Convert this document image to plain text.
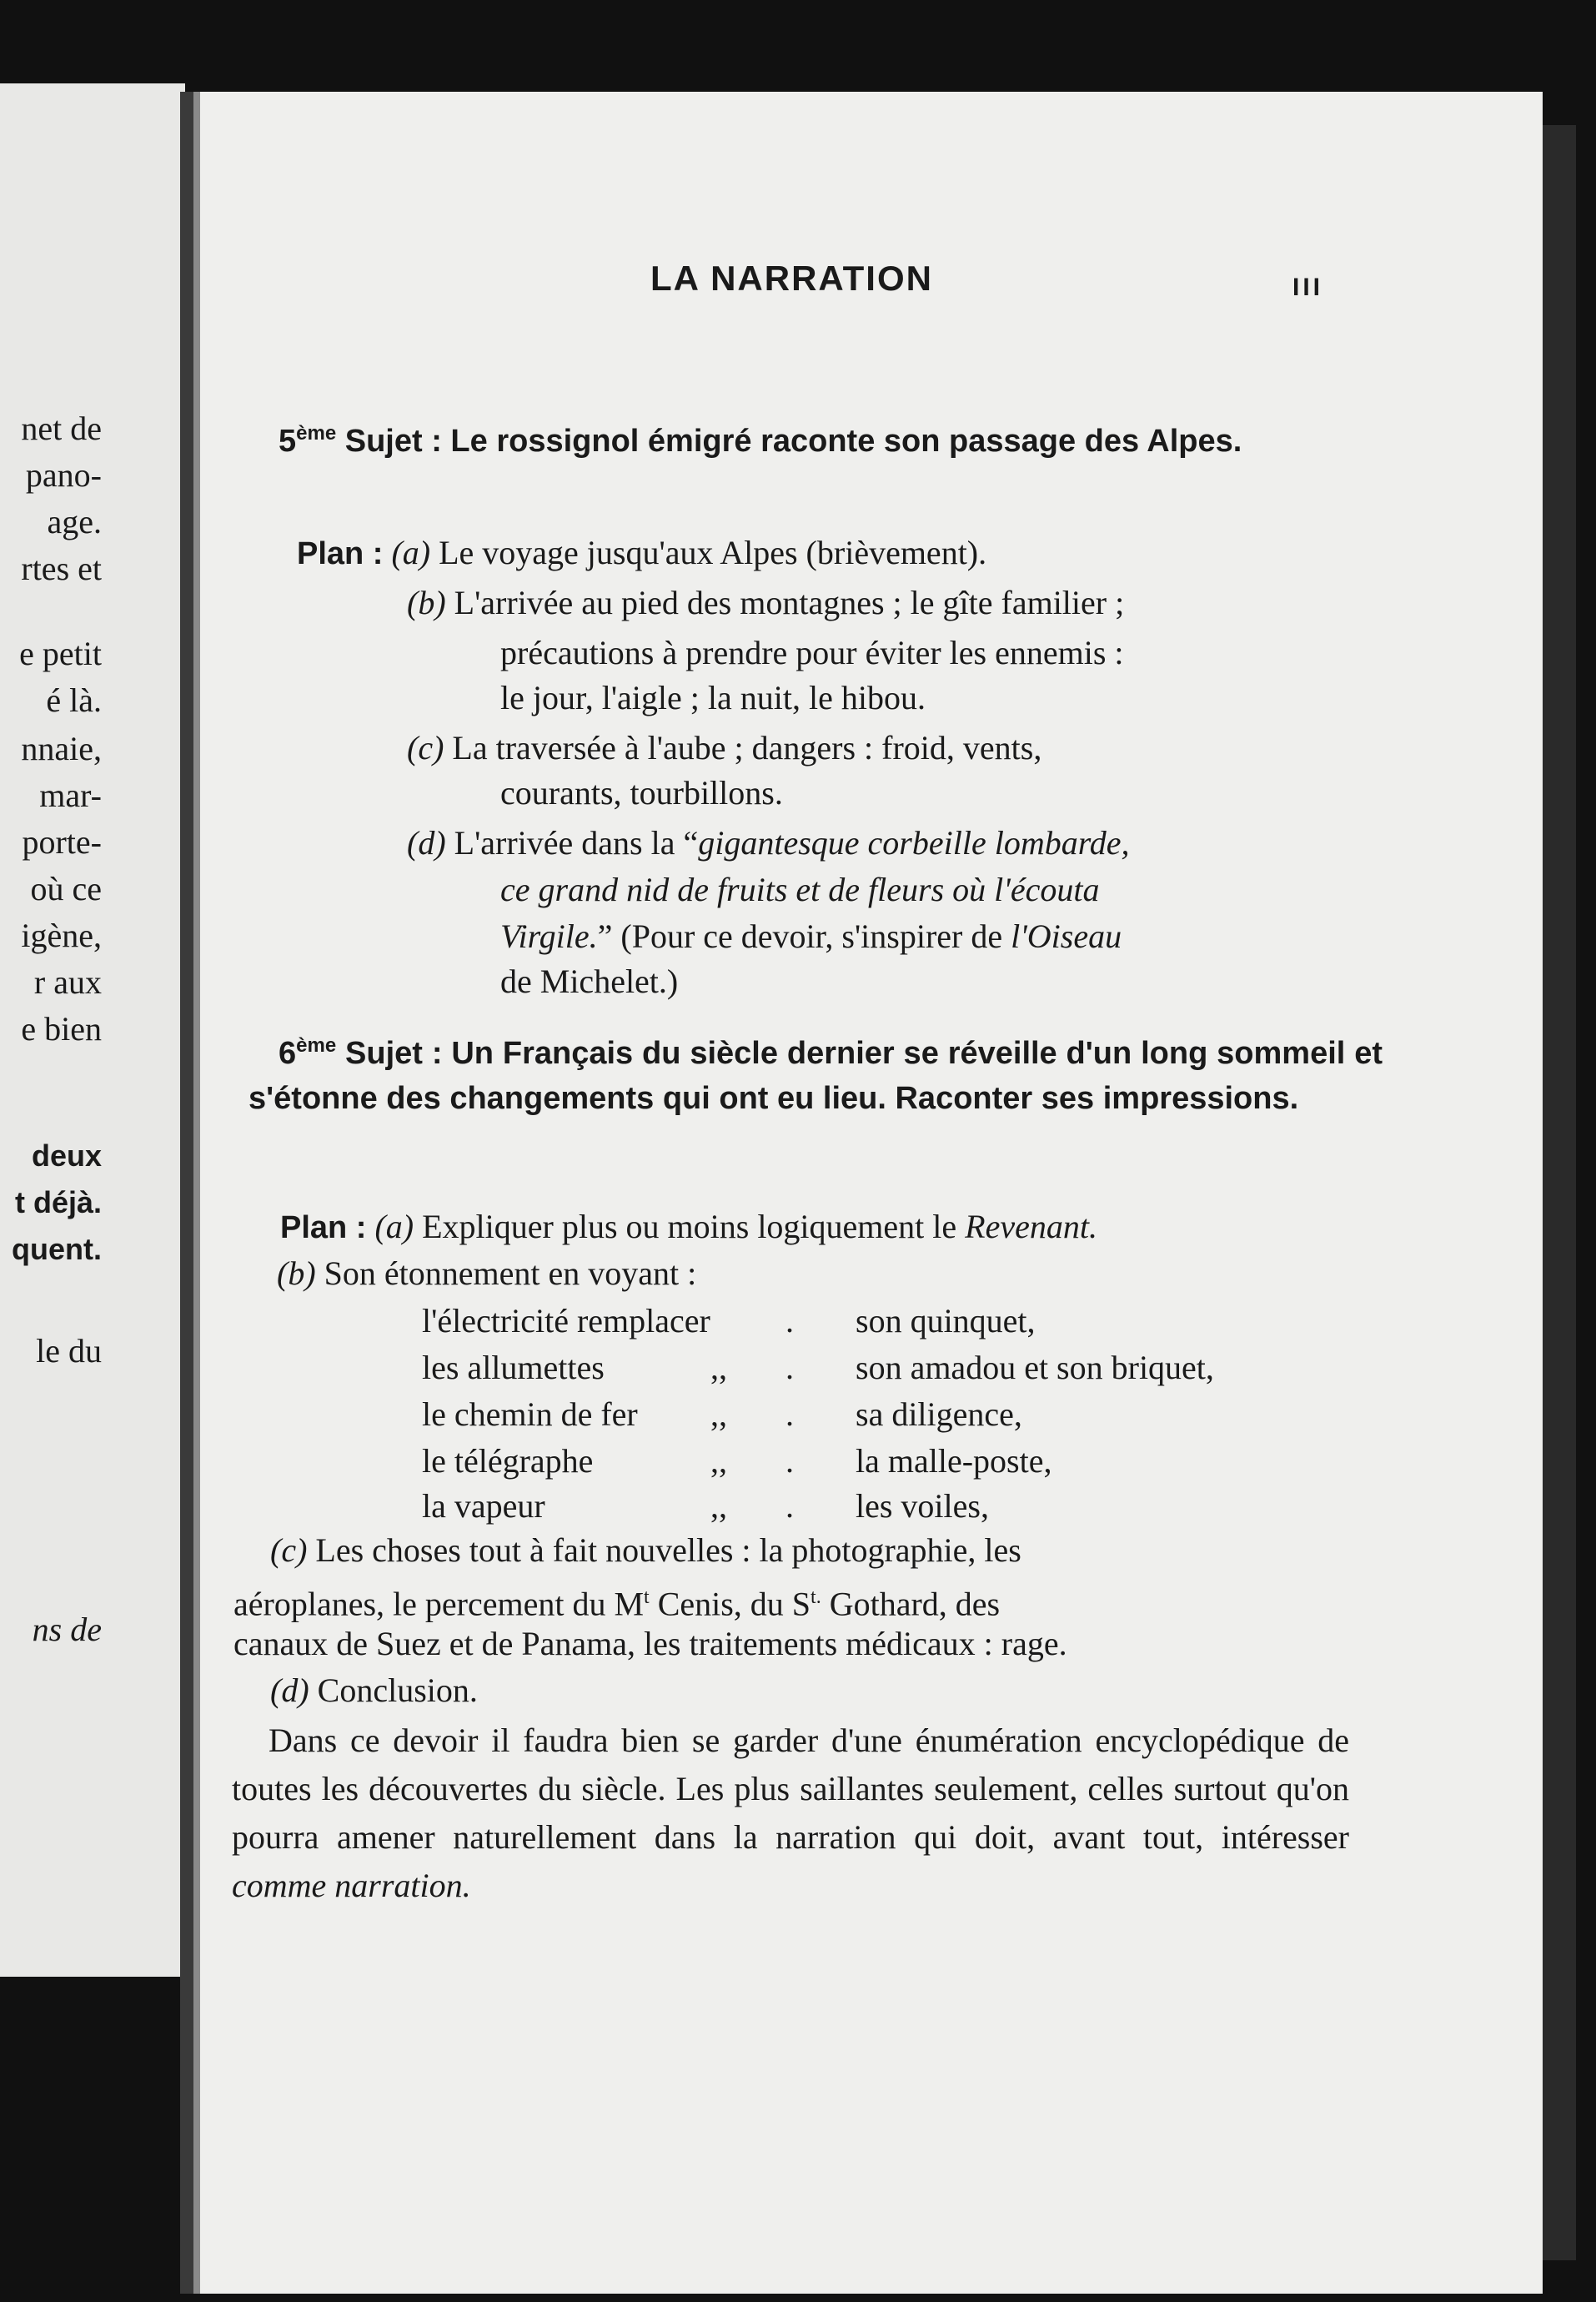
net de
pano-
age.
rtes et
e petit
é là.
nnaie,
mar-
porte-
où ce
igène,
r aux
e bien
deux
t déjà.
quent.
le du
ns de
LA NARRATION	III
5ème Sujet : Le rossignol émigré raconte son passage des Alpes.
Plan : (a) Le voyage jusqu'aux Alpes (brièvement).
(b) L'arrivée au pied des montagnes ; le gîte familier ;
précautions à prendre pour éviter les ennemis :
le jour, l'aigle ; la nuit, le hibou.
(c) La traversée à l'aube ; dangers : froid, vents,
courants, tourbillons.
(d) L'arrivée dans la “gigantesque corbeille lombarde,
ce grand nid de fruits et de fleurs où l'écouta
Virgile.” (Pour ce devoir, s'inspirer de l'Oiseau
de Michelet.)
6ème Sujet : Un Français du siècle dernier se réveille d'un long sommeil et s'étonne des changements qui ont eu lieu. Raconter ses impressions.
Plan : (a) Expliquer plus ou moins logiquement le Revenant.
(b) Son étonnement en voyant :
l'électricité remplacer . son quinquet,
les allumettes	,, . son amadou et son briquet,
le chemin de fer ,, . sa diligence,
le télégraphe	,, . la malle-poste,
la vapeur	,, . les voiles,
(c) Les choses tout à fait nouvelles : la photographie, les
aéroplanes, le percement du $M^t$ Cenis, du $S^{t.}$ Gothard, des
canaux de Suez et de Panama, les traitements médicaux : rage.
(d) Conclusion.
Dans ce devoir il faudra bien se garder d'une énumération encyclopédique de toutes les découvertes du siècle. Les plus saillantes seulement, celles surtout qu'on pourra amener naturellement dans la narration qui doit, avant tout, intéresser comme narration.
